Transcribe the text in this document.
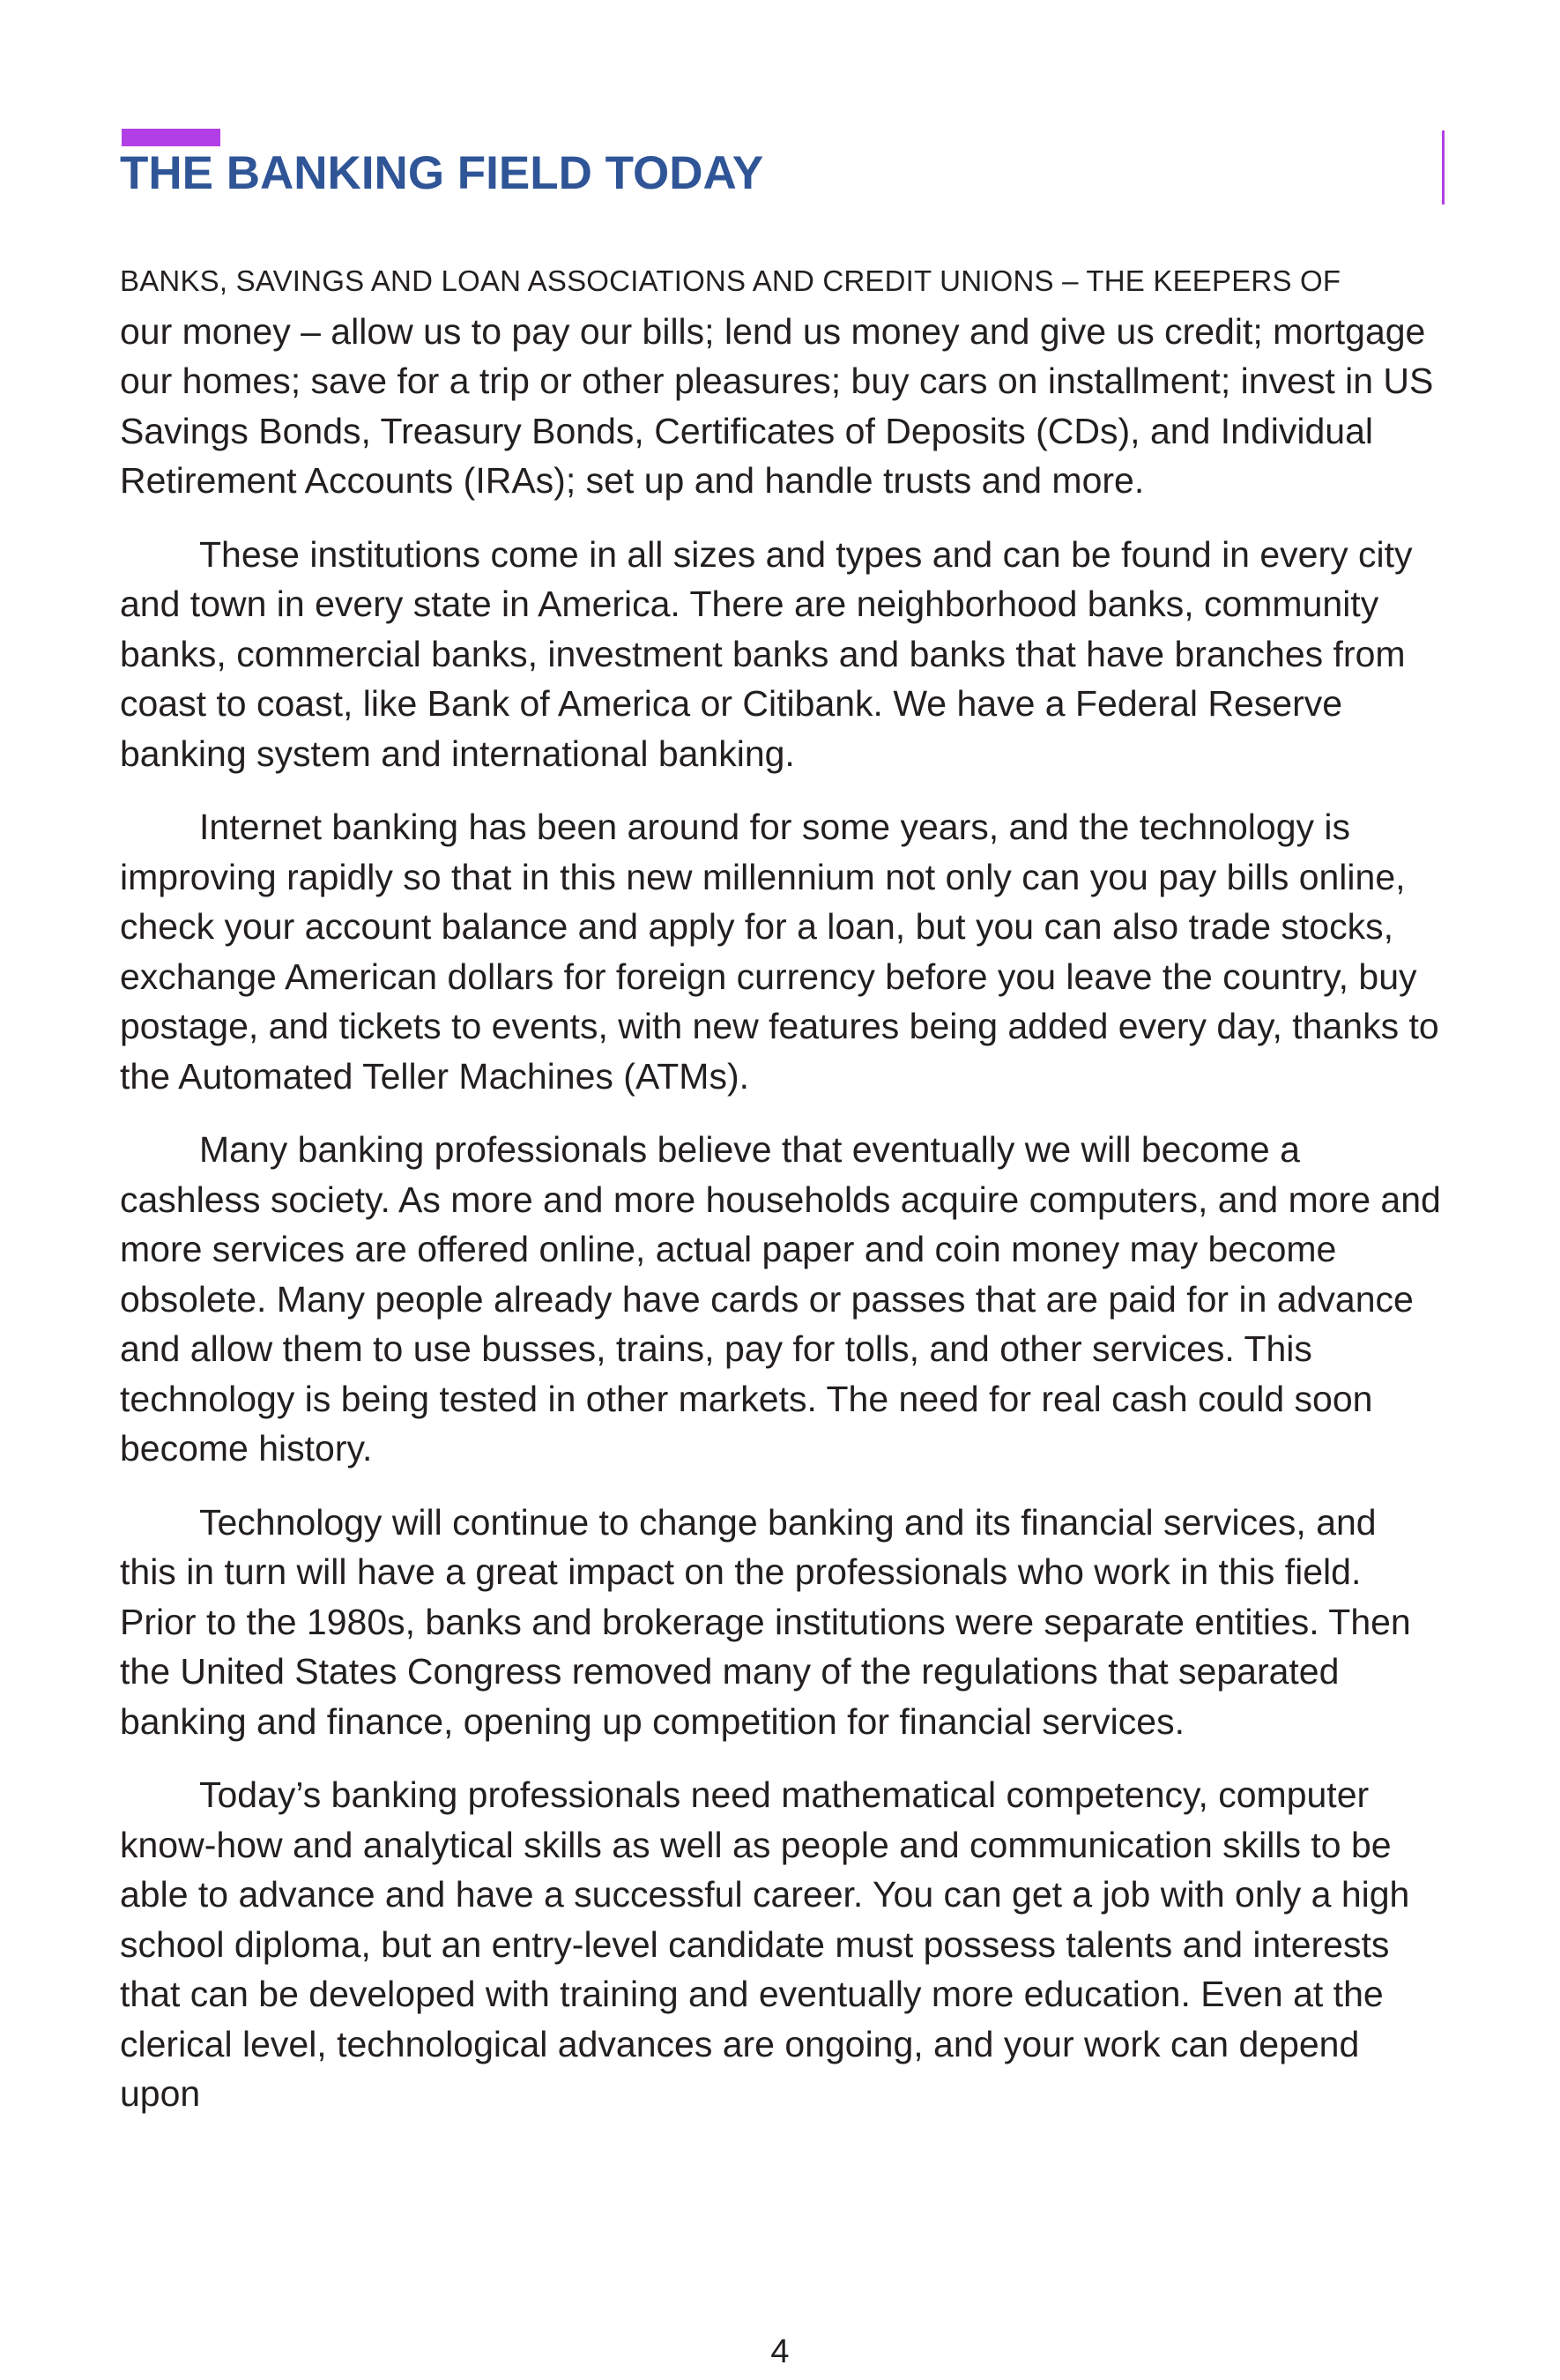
THE BANKING FIELD TODAY

BANKS, SAVINGS AND LOAN ASSOCIATIONS AND CREDIT UNIONS – THE KEEPERS OF
our money – allow us to pay our bills; lend us money and give us credit; mortgage our homes; save for a trip or other pleasures; buy cars on installment; invest in US Savings Bonds, Treasury Bonds, Certificates of Deposits (CDs), and Individual Retirement Accounts (IRAs); set up and handle trusts and more.

These institutions come in all sizes and types and can be found in every city and town in every state in America. There are neighborhood banks, community banks, commercial banks, investment banks and banks that have branches from coast to coast, like Bank of America or Citibank. We have a Federal Reserve banking system and international banking.

Internet banking has been around for some years, and the technology is improving rapidly so that in this new millennium not only can you pay bills online, check your account balance and apply for a loan, but you can also trade stocks, exchange American dollars for foreign currency before you leave the country, buy postage, and tickets to events, with new features being added every day, thanks to the Automated Teller Machines (ATMs).

Many banking professionals believe that eventually we will become a cashless society. As more and more households acquire computers, and more and more services are offered online, actual paper and coin money may become obsolete. Many people already have cards or passes that are paid for in advance and allow them to use busses, trains, pay for tolls, and other services. This technology is being tested in other markets. The need for real cash could soon become history.

Technology will continue to change banking and its financial services, and this in turn will have a great impact on the professionals who work in this field. Prior to the 1980s, banks and brokerage institutions were separate entities. Then the United States Congress removed many of the regulations that separated banking and finance, opening up competition for financial services.

Today’s banking professionals need mathematical competency, computer know-how and analytical skills as well as people and communication skills to be able to advance and have a successful career. You can get a job with only a high school diploma, but an entry-level candidate must possess talents and interests that can be developed with training and eventually more education. Even at the clerical level, technological advances are ongoing, and your work can depend upon

4
